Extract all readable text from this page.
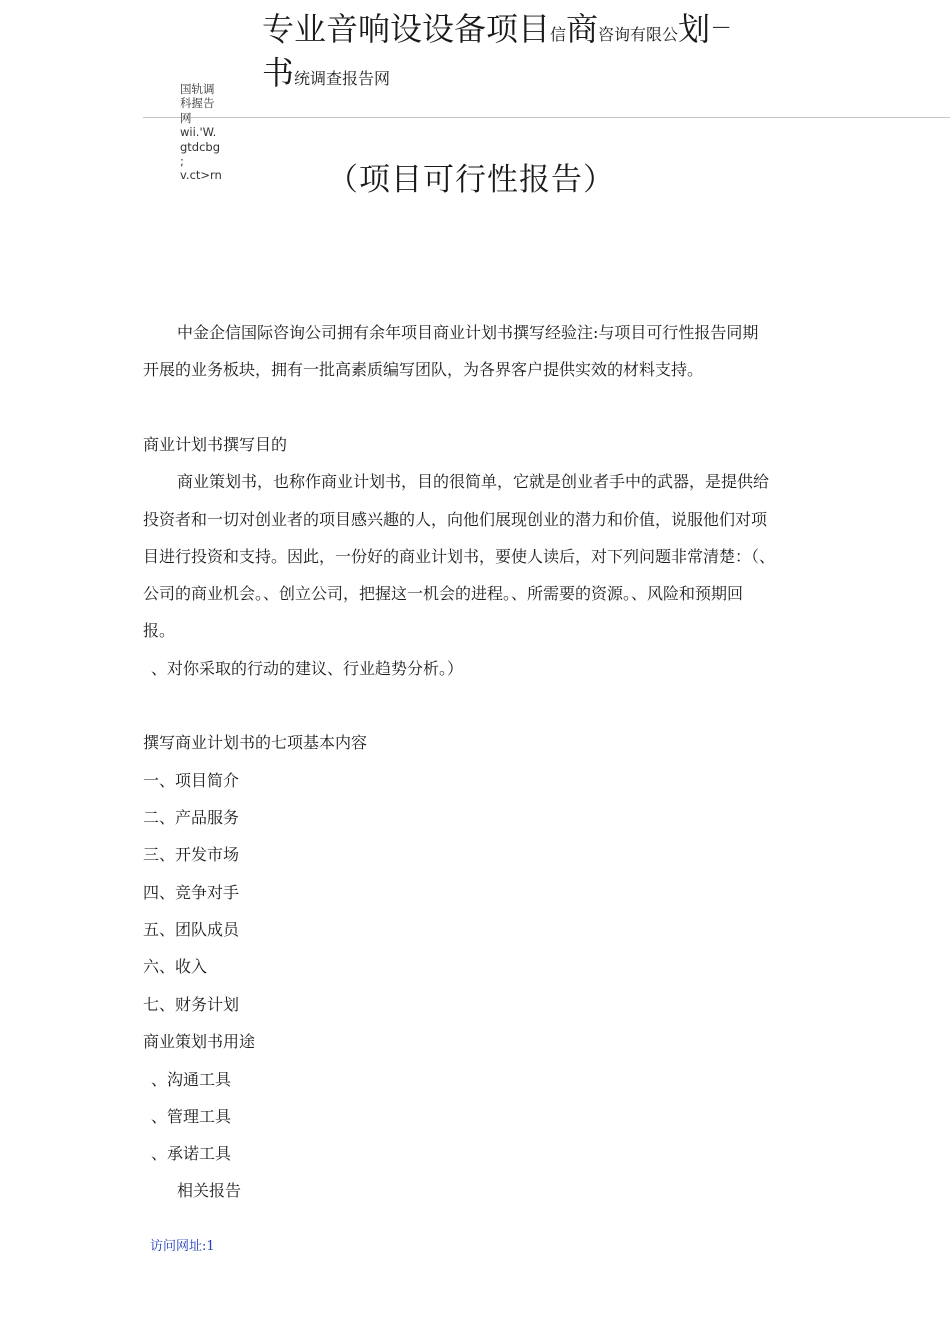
专业音响设设备项目信商咨询有限公划 —
书统调查报告网
国轨调
科握告
网
wii.'W.
gtdcbg
;
v.ct>rn	（项目可行性报告）
中金企信国际咨询公司拥有余年项目商业计划书撰写经验注:与项目可行性报告同期
开展的业务板块，拥有一批高素质编写团队，为各界客户提供实效的材料支持。
商业计划书撰写目的
商业策划书，也称作商业计划书，目的很简单，它就是创业者手中的武器，是提供给
投资者和一切对创业者的项目感兴趣的人，向他们展现创业的潜力和价值，说服他们对项
目进行投资和支持。因此，一份好的商业计划书，要使人读后，对下列问题非常清楚：（、
公司的商业机会。、创立公司，把握这一机会的进程。、所需要的资源。、风险和预期回
报。
、对你采取的行动的建议、行业趋势分析。）
撰写商业计划书的七项基本内容
一、项目简介
二、产品服务
三、开发市场
四、竞争对手
五、团队成员
六、收入
七、财务计划
商业策划书用途
、沟通工具
、管理工具
、承诺工具
相关报告
访问网址:1
